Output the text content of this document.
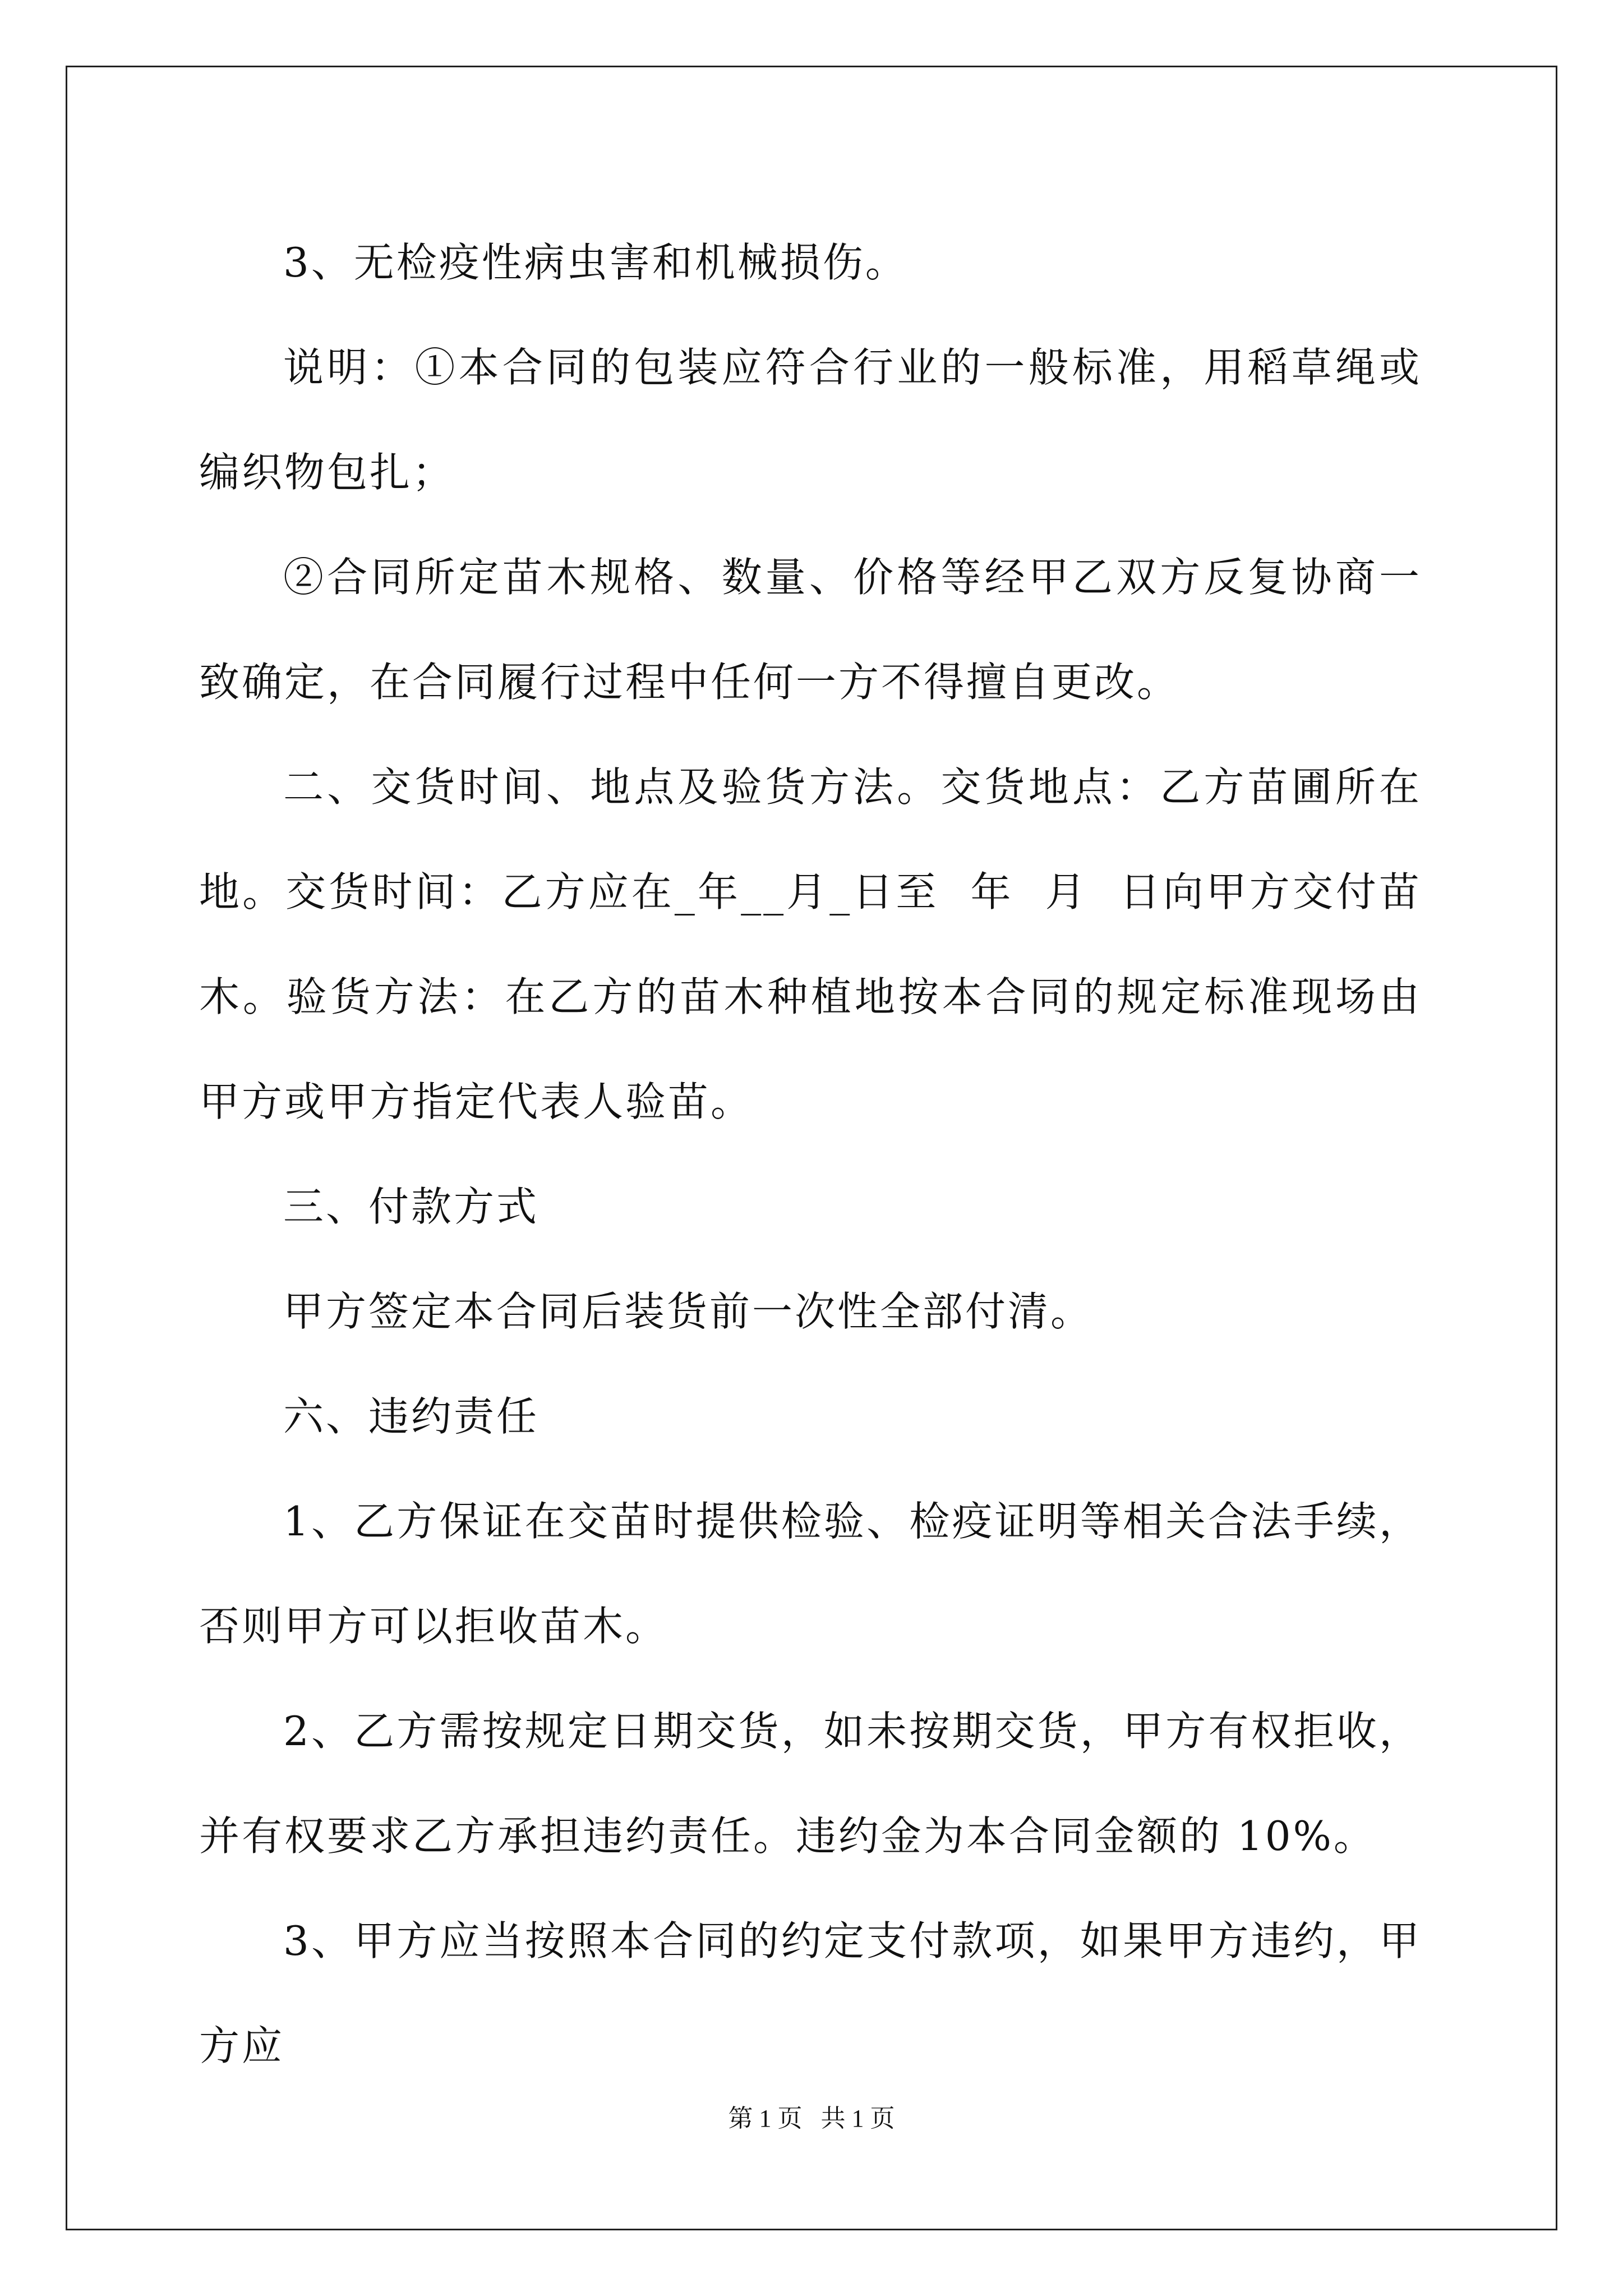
3、无检疫性病虫害和机械损伤。

说明：①本合同的包装应符合行业的一般标准，用稻草绳或编织物包扎；

②合同所定苗木规格、数量、价格等经甲乙双方反复协商一致确定，在合同履行过程中任何一方不得擅自更改。

二、交货时间、地点及验货方法。交货地点：乙方苗圃所在地。交货时间：乙方应在_年__月_日至  年  月  日向甲方交付苗木。验货方法：在乙方的苗木种植地按本合同的规定标准现场由甲方或甲方指定代表人验苗。

三、付款方式

甲方签定本合同后装货前一次性全部付清。

六、违约责任

1、乙方保证在交苗时提供检验、检疫证明等相关合法手续，否则甲方可以拒收苗木。

2、乙方需按规定日期交货，如未按期交货，甲方有权拒收，并有权要求乙方承担违约责任。违约金为本合同金额的 10%。

3、甲方应当按照本合同的约定支付款项，如果甲方违约，甲方应

第 1 页   共 1 页
